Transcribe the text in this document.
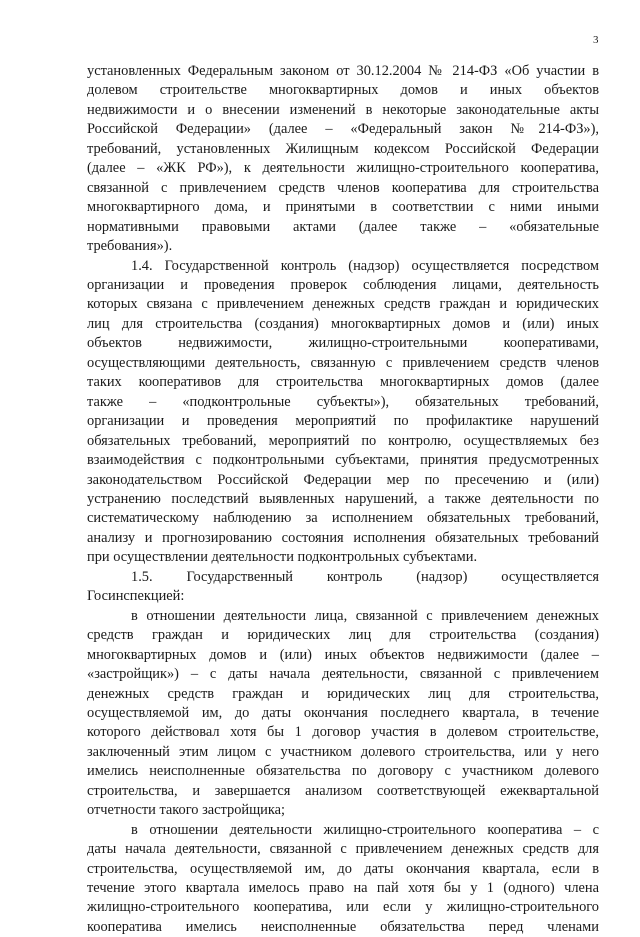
3
установленных Федеральным законом от 30.12.2004 № 214-ФЗ «Об участии в
долевом строительстве многоквартирных домов и иных объектов
недвижимости и о внесении изменений в некоторые законодательные акты
Российской Федерации» (далее – «Федеральный закон №214-ФЗ»),
требований, установленных Жилищным кодексом Российской Федерации
(далее – «ЖК РФ»), к деятельности жилищно-строительного кооператива,
связанной с привлечением средств членов кооператива для строительства
многоквартирного дома, и принятыми в соответствии с ними иными
нормативными правовыми актами (далее также – «обязательные
требования»).
1.4. Государственной контроль (надзор) осуществляется посредством
организации и проведения проверок соблюдения лицами, деятельность
которых связана с привлечением денежных средств граждан и юридических
лиц для строительства (создания) многоквартирных домов и (или) иных
объектов недвижимости, жилищно-строительными кооперативами,
осуществляющими деятельность, связанную с привлечением средств членов
таких кооперативов для строительства многоквартирных домов (далее
также – «подконтрольные субъекты»), обязательных требований,
организации и проведения мероприятий по профилактике нарушений
обязательных требований, мероприятий по контролю, осуществляемых без
взаимодействия с подконтрольными субъектами, принятия предусмотренных
законодательством Российской Федерации мер по пресечению и (или)
устранению последствий выявленных нарушений, а также деятельности по
систематическому наблюдению за исполнением обязательных требований,
анализу и прогнозированию состояния исполнения обязательных требований
при осуществлении деятельности подконтрольных субъектами.
1.5. Государственный контроль (надзор) осуществляется
Госинспекцией:
в отношении деятельности лица, связанной с привлечением денежных
средств граждан и юридических лиц для строительства (создания)
многоквартирных домов и (или) иных объектов недвижимости (далее –
«застройщик») – с даты начала деятельности, связанной с привлечением
денежных средств граждан и юридических лиц для строительства,
осуществляемой им, до даты окончания последнего квартала, в течение
которого действовал хотя бы 1 договор участия в долевом строительстве,
заключенный этим лицом с участником долевого строительства, или у него
имелись неисполненные обязательства по договору с участником долевого
строительства, и завершается анализом соответствующей ежеквартальной
отчетности такого застройщика;
в отношении деятельности жилищно-строительного кооператива – с
даты начала деятельности, связанной с привлечением денежных средств для
строительства, осуществляемой им, до даты окончания квартала, если в
течение этого квартала имелось право на пай хотя бы у 1 (одного) члена
жилищно-строительного кооператива, или если у жилищно-строительного
кооператива имелись неисполненные обязательства перед членами
